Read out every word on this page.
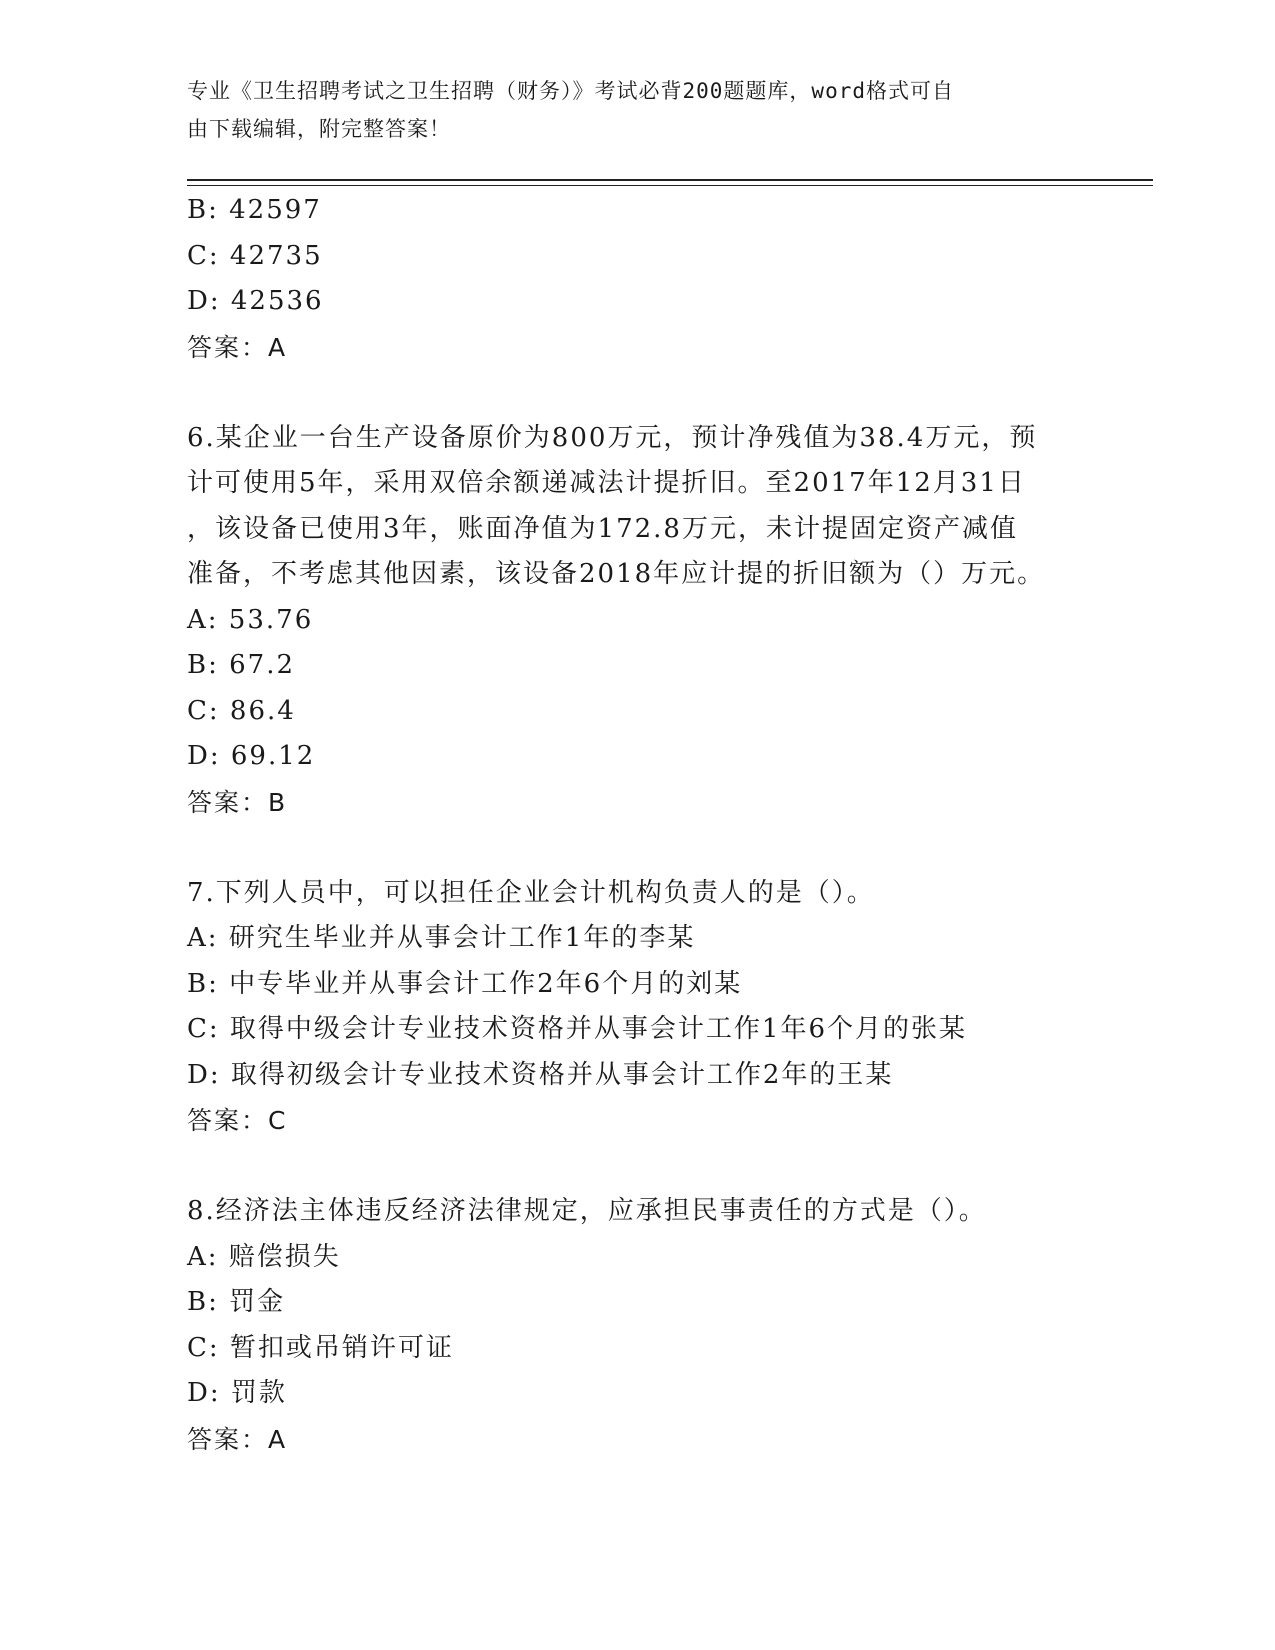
专业《卫生招聘考试之卫生招聘（财务）》考试必背200题题库，word格式可自
由下载编辑，附完整答案！
B: 42597
C: 42735
D: 42536
答案：A
6.某企业一台生产设备原价为800万元，预计净残值为38.4万元，预
计可使用5年，采用双倍余额递减法计提折旧。至2017年12月31日
，该设备已使用3年，账面净值为172.8万元，未计提固定资产减值
准备，不考虑其他因素，该设备2018年应计提的折旧额为（）万元。
A: 53.76
B: 67.2
C: 86.4
D: 69.12
答案：B
7.下列人员中，可以担任企业会计机构负责人的是（）。
A: 研究生毕业并从事会计工作1年的李某
B: 中专毕业并从事会计工作2年6个月的刘某
C: 取得中级会计专业技术资格并从事会计工作1年6个月的张某
D: 取得初级会计专业技术资格并从事会计工作2年的王某
答案：C
8.经济法主体违反经济法律规定，应承担民事责任的方式是（）。
A: 赔偿损失
B: 罚金
C: 暂扣或吊销许可证
D: 罚款
答案：A
